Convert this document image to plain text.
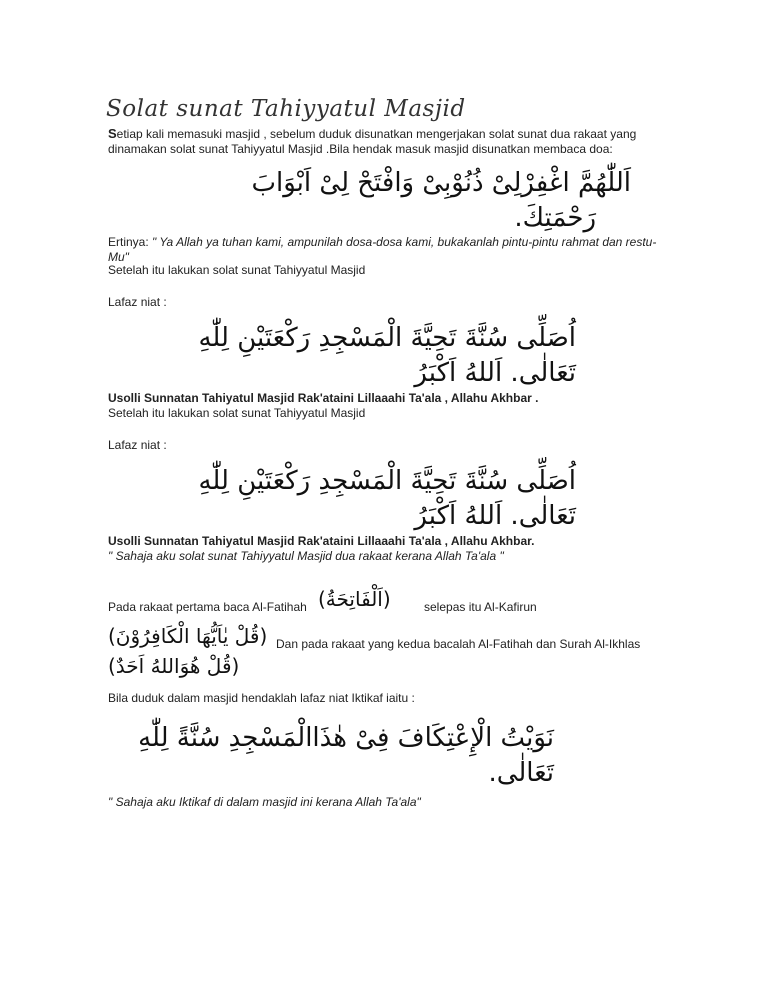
Solat sunat Tahiyyatul Masjid

Setiap kali memasuki masjid , sebelum duduk disunatkan mengerjakan solat sunat dua rakaat yang
dinamakan solat sunat Tahiyyatul Masjid .Bila hendak masuk masjid disunatkan membaca doa:

اَللّٰهُمَّ اغْفِرْلِىْ ذُنُوْبِىْ وَافْتَحْ لِىْ اَبْوَابَ

رَحْمَتِكَ.

Ertinya: " Ya Allah ya tuhan kami, ampunilah dosa-dosa kami, bukakanlah pintu-pintu rahmat dan restu-Mu"

Setelah itu lakukan solat sunat Tahiyyatul Masjid

Lafaz niat :

اُصَلِّى سُنَّةَ تَحِيَّةَ الْمَسْجِدِ رَكْعَتَيْنِ لِلّٰهِ

تَعَالٰى. اَللهُ اَكْبَرُ

Usolli Sunnatan Tahiyatul Masjid Rak'ataini Lillaaahi Ta'ala , Allahu Akhbar .

Setelah itu lakukan solat sunat Tahiyyatul Masjid

Lafaz niat :

اُصَلِّى سُنَّةَ تَحِيَّةَ الْمَسْجِدِ رَكْعَتَيْنِ لِلّٰهِ

تَعَالٰى. اَللهُ اَكْبَرُ

Usolli Sunnatan Tahiyatul Masjid Rak'ataini Lillaaahi Ta'ala , Allahu Akhbar.

" Sahaja aku solat sunat Tahiyyatul Masjid dua rakaat kerana Allah Ta'ala "

Pada rakaat pertama baca Al-Fatihah (اَلْفَاتِحَةُ)	selepas itu Al-Kafirun

(قُلْ يٰاَيُّهَا الْكَافِرُوْنَ) Dan pada rakaat yang kedua bacalah Al-Fatihah dan Surah Al-Ikhlas

(قُلْ هُوَاللهُ اَحَدٌ)

Bila duduk dalam masjid hendaklah lafaz niat Iktikaf iaitu :

نَوَيْتُ الْإِعْتِكَافَ فِىْ هٰذَاالْمَسْجِدِ سُنَّةً لِلّٰهِ

تَعَالٰى.

" Sahaja aku Iktikaf di dalam masjid ini kerana Allah Ta'ala"
